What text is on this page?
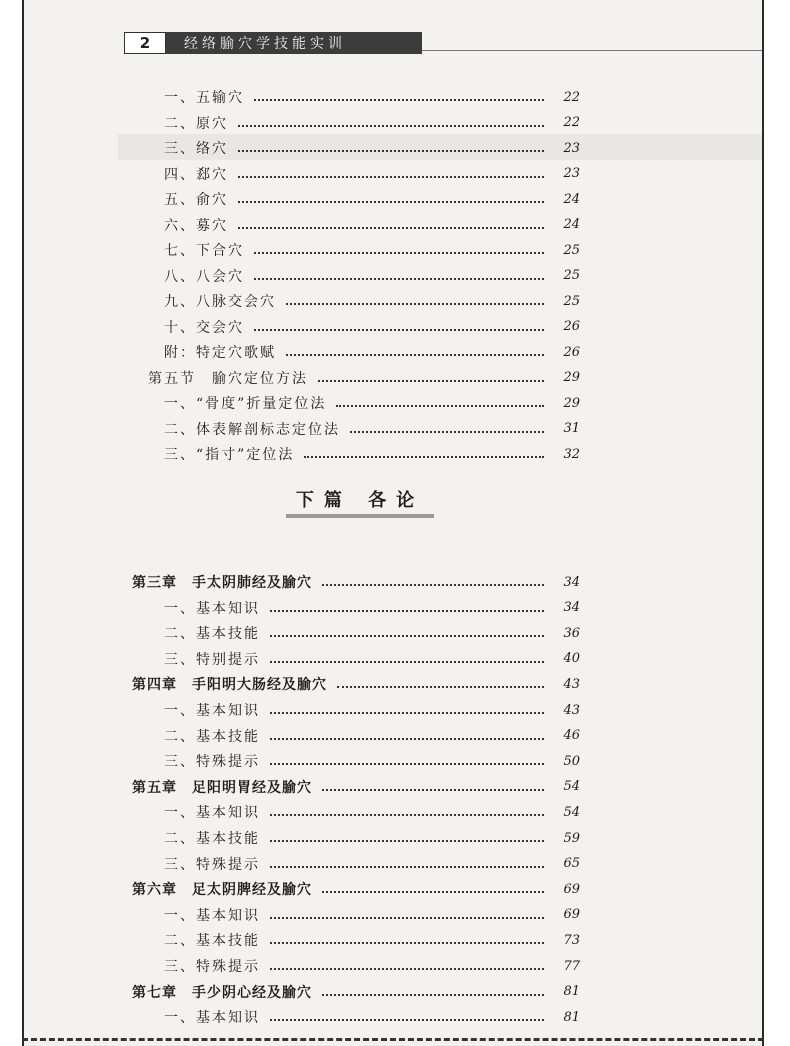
2	经络腧穴学技能实训
一、五输穴	22
二、原穴	22
三、络穴	23
四、郄穴	23
五、俞穴	24
六、募穴	24
七、下合穴	25
八、八会穴	25
九、八脉交会穴	25
十、交会穴	26
附：特定穴歌赋	26
第五节　腧穴定位方法	29
一、“骨度”折量定位法	29
二、体表解剖标志定位法	31
三、“指寸”定位法	32
下篇 各论
第三章　手太阴肺经及腧穴	34
一、基本知识	34
二、基本技能	36
三、特别提示	40
第四章　手阳明大肠经及腧穴	43
一、基本知识	43
二、基本技能	46
三、特殊提示	50
第五章　足阳明胃经及腧穴	54
一、基本知识	54
二、基本技能	59
三、特殊提示	65
第六章　足太阴脾经及腧穴	69
一、基本知识	69
二、基本技能	73
三、特殊提示	77
第七章　手少阴心经及腧穴	81
一、基本知识	81
